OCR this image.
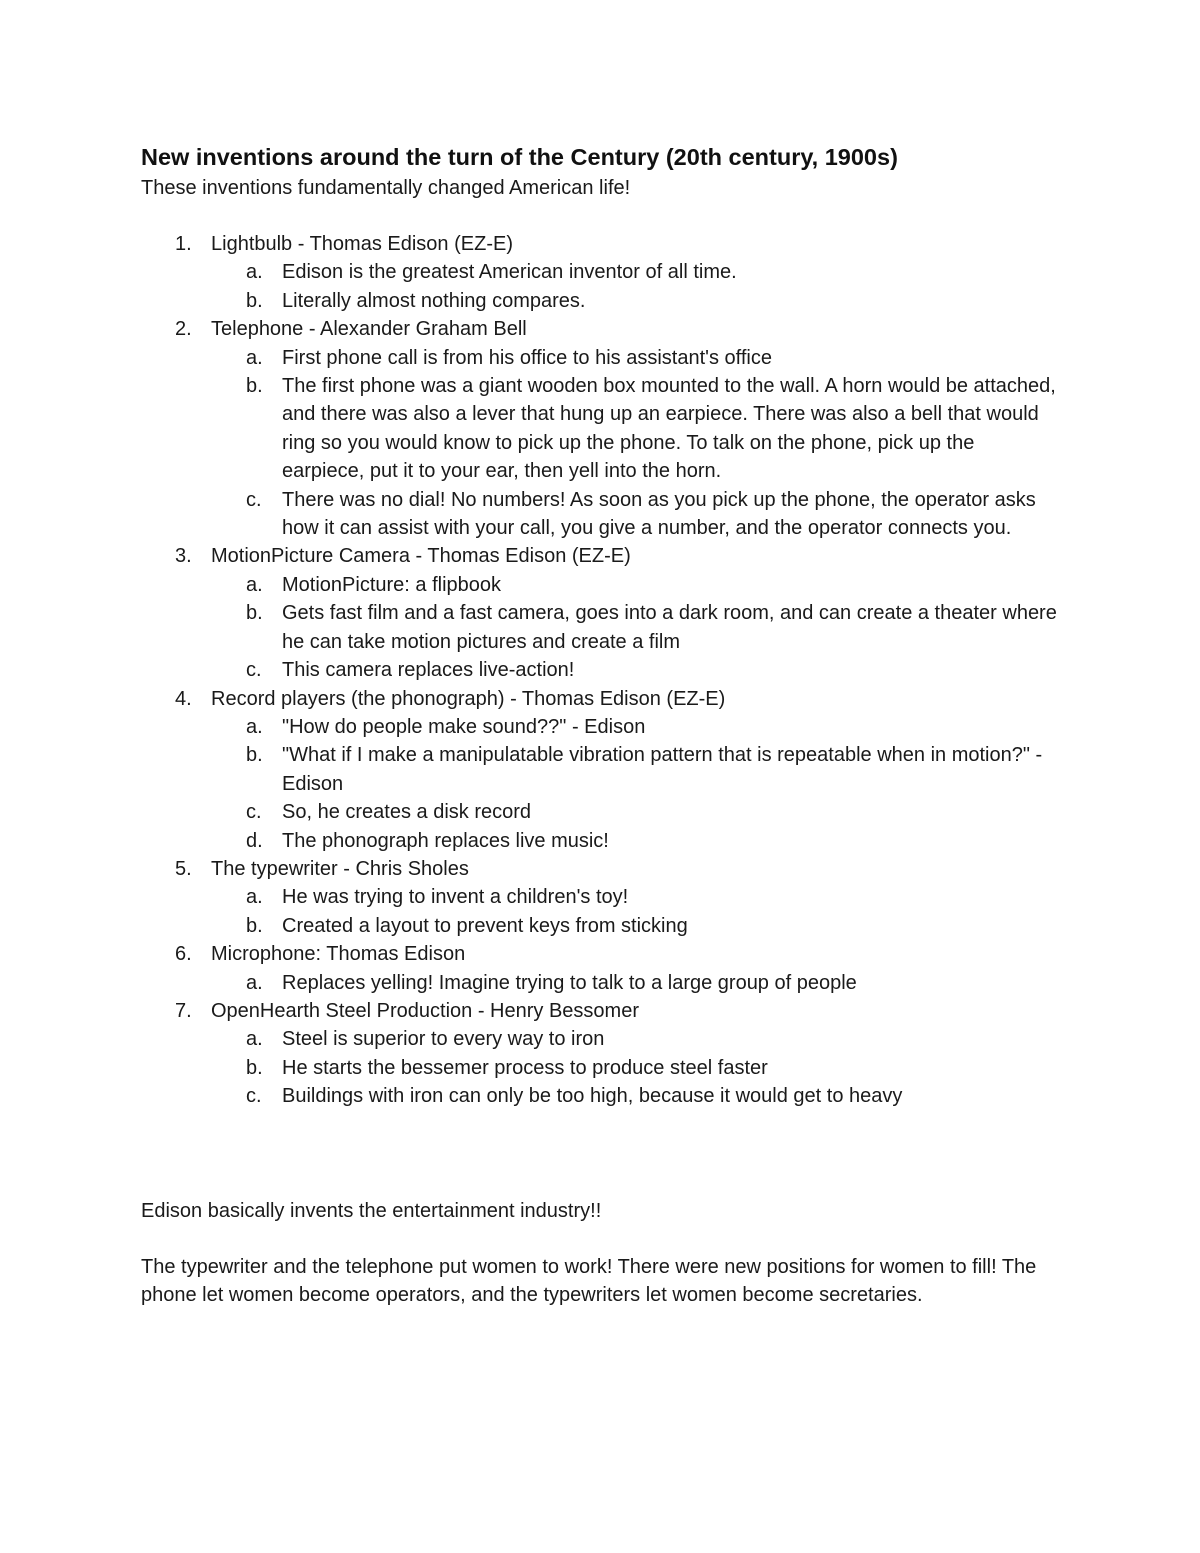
New inventions around the turn of the Century (20th century, 1900s)

These inventions fundamentally changed American life!

1. Lightbulb - Thomas Edison (EZ-E)
a. Edison is the greatest American inventor of all time.
b. Literally almost nothing compares.
2. Telephone - Alexander Graham Bell
a. First phone call is from his office to his assistant's office
b. The first phone was a giant wooden box mounted to the wall. A horn would be attached, and there was also a lever that hung up an earpiece. There was also a bell that would ring so you would know to pick up the phone. To talk on the phone, pick up the earpiece, put it to your ear, then yell into the horn.
c. There was no dial! No numbers! As soon as you pick up the phone, the operator asks how it can assist with your call, you give a number, and the operator connects you.
3. MotionPicture Camera - Thomas Edison (EZ-E)
a. MotionPicture: a flipbook
b. Gets fast film and a fast camera, goes into a dark room, and can create a theater where he can take motion pictures and create a film
c. This camera replaces live-action!
4. Record players (the phonograph) - Thomas Edison (EZ-E)
a. "How do people make sound??" - Edison
b. "What if I make a manipulatable vibration pattern that is repeatable when in motion?" - Edison
c. So, he creates a disk record
d. The phonograph replaces live music!
5. The typewriter - Chris Sholes
a. He was trying to invent a children's toy!
b. Created a layout to prevent keys from sticking
6. Microphone: Thomas Edison
a. Replaces yelling! Imagine trying to talk to a large group of people
7. OpenHearth Steel Production - Henry Bessomer
a. Steel is superior to every way to iron
b. He starts the bessemer process to produce steel faster
c. Buildings with iron can only be too high, because it would get to heavy

Edison basically invents the entertainment industry!!

The typewriter and the telephone put women to work! There were new positions for women to fill! The phone let women become operators, and the typewriters let women become secretaries.
